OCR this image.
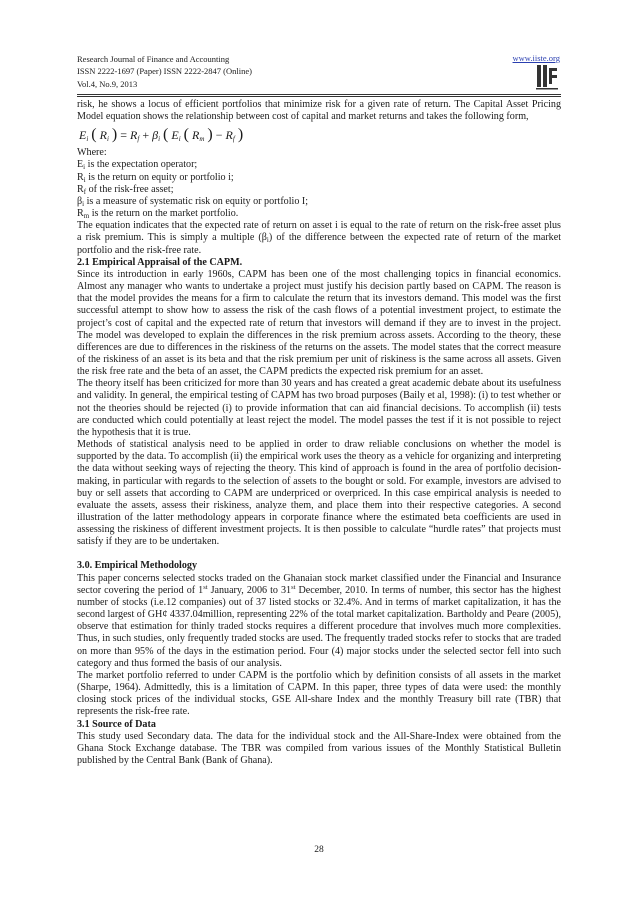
Research Journal of Finance and Accounting
ISSN 2222-1697 (Paper) ISSN 2222-2847 (Online)
Vol.4, No.9, 2013
www.iiste.org

risk, he shows a locus of efficient portfolios that minimize risk for a given rate of return. The Capital Asset Pricing Model equation shows the relationship between cost of capital and market returns and takes the following form,

$E_i$ ( $R_i$ ) = $R_f + \beta_i$ ( $E_i$ ( $R_m$ ) − $R_f$ )

Where:

$E_i$ is the expectation operator;

$R_i$ is the return on equity or portfolio i;

$R_f$ of the risk-free asset;

$\beta_i$ is a measure of systematic risk on equity or portfolio I;

$R_m$ is the return on the market portfolio.

The equation indicates that the expected rate of return on asset i is equal to the rate of return on the risk-free asset plus a risk premium. This is simply a multiple $(\beta_i)$ of the difference between the expected rate of return of the market portfolio and the risk-free rate.

2.1 Empirical Appraisal of the CAPM.

Since its introduction in early 1960s, CAPM has been one of the most challenging topics in financial economics. Almost any manager who wants to undertake a project must justify his decision partly based on CAPM. The reason is that the model provides the means for a firm to calculate the return that its investors demand. This model was the first successful attempt to show how to assess the risk of the cash flows of a potential investment project, to estimate the project’s cost of capital and the expected rate of return that investors will demand if they are to invest in the project. The model was developed to explain the differences in the risk premium across assets. According to the theory, these differences are due to differences in the riskiness of the returns on the assets. The model states that the correct measure of the riskiness of an asset is its beta and that the risk premium per unit of riskiness is the same across all assets. Given the risk free rate and the beta of an asset, the CAPM predicts the expected risk premium for an asset.

The theory itself has been criticized for more than 30 years and has created a great academic debate about its usefulness and validity. In general, the empirical testing of CAPM has two broad purposes (Baily et al, 1998): (i) to test whether or not the theories should be rejected (i) to provide information that can aid financial decisions. To accomplish (ii) tests are conducted which could potentially at least reject the model. The model passes the test if it is not possible to reject the hypothesis that it is true.

Methods of statistical analysis need to be applied in order to draw reliable conclusions on whether the model is supported by the data. To accomplish (ii) the empirical work uses the theory as a vehicle for organizing and interpreting the data without seeking ways of rejecting the theory. This kind of approach is found in the area of portfolio decision-making, in particular with regards to the selection of assets to the bought or sold. For example, investors are advised to buy or sell assets that according to CAPM are underpriced or overpriced. In this case empirical analysis is needed to evaluate the assets, assess their riskiness, analyze them, and place them into their respective categories. A second illustration of the latter methodology appears in corporate finance where the estimated beta coefficients are used in assessing the riskiness of different investment projects. It is then possible to calculate “hurdle rates” that projects must satisfy if they are to be undertaken.

3.0. Empirical Methodology

This paper concerns selected stocks traded on the Ghanaian stock market classified under the Financial and Insurance sector covering the period of 1st January, 2006 to 31st December, 2010. In terms of number, this sector has the highest number of stocks (i.e.12 companies) out of 37 listed stocks or 32.4%. And in terms of market capitalization, it has the second largest of GH¢ 4337.04million, representing 22% of the total market capitalization. Bartholdy and Peare (2005), observe that estimation for thinly traded stocks requires a different procedure that involves much more complexities. Thus, in such studies, only frequently traded stocks are used. The frequently traded stocks refer to stocks that are traded on more than 95% of the days in the estimation period. Four (4) major stocks under the selected sector fell into such category and thus formed the basis of our analysis.

The market portfolio referred to under CAPM is the portfolio which by definition consists of all assets in the market (Sharpe, 1964). Admittedly, this is a limitation of CAPM. In this paper, three types of data were used: the monthly closing stock prices of the individual stocks, GSE All-share Index and the monthly Treasury bill rate (TBR) that represents the risk-free rate.

3.1 Source of Data

This study used Secondary data. The data for the individual stock and the All-Share-Index were obtained from the Ghana Stock Exchange database. The TBR was compiled from various issues of the Monthly Statistical Bulletin published by the Central Bank (Bank of Ghana).

28
